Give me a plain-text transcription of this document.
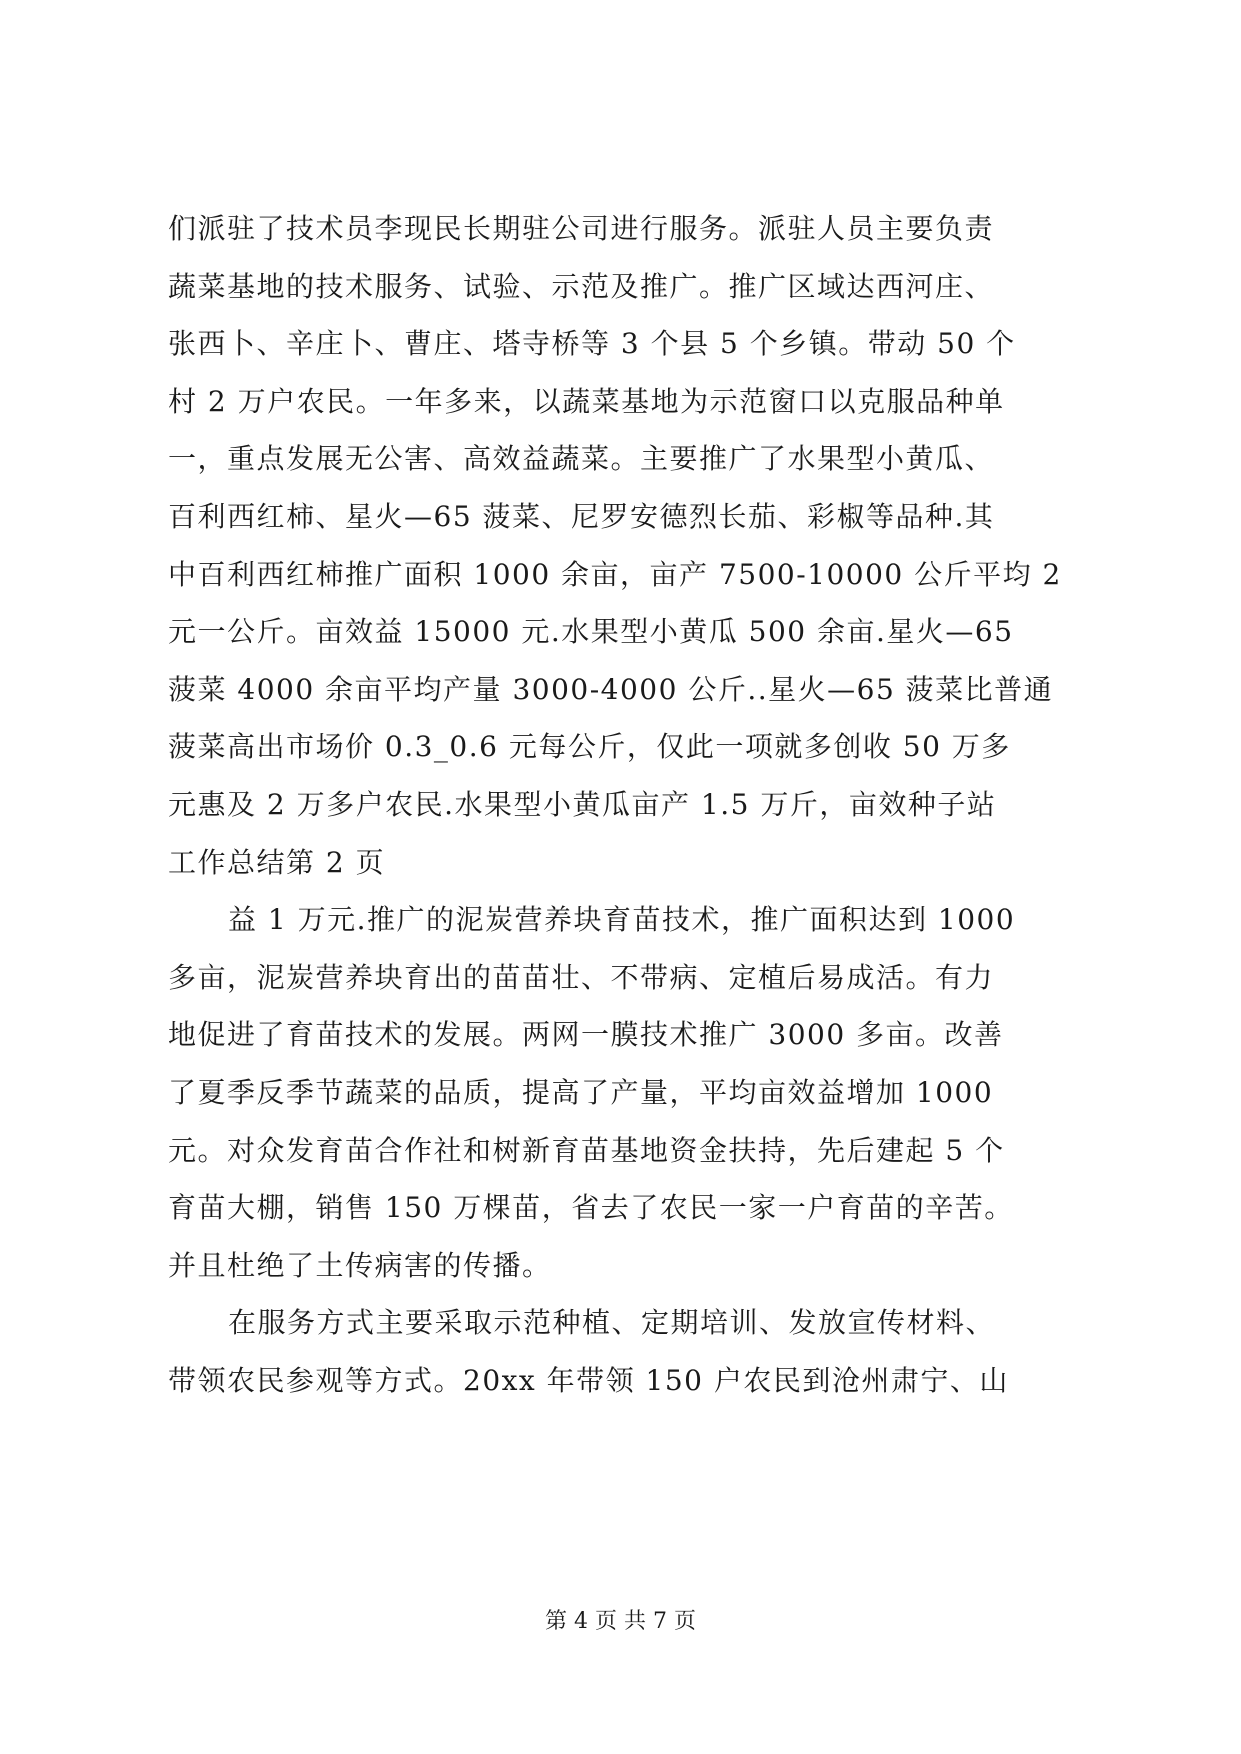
们派驻了技术员李现民长期驻公司进行服务。派驻人员主要负责
蔬菜基地的技术服务、试验、示范及推广。推广区域达西河庄、
张西卜、辛庄卜、曹庄、塔寺桥等 3 个县 5 个乡镇。带动 50 个
村 2 万户农民。一年多来，以蔬菜基地为示范窗口以克服品种单
一，重点发展无公害、高效益蔬菜。主要推广了水果型小黄瓜、
百利西红柿、星火—65 菠菜、尼罗安德烈长茄、彩椒等品种.其
中百利西红柿推广面积 1000 余亩，亩产 7500-10000 公斤平均 2
元一公斤。亩效益 15000 元.水果型小黄瓜 500 余亩.星火—65
菠菜 4000 余亩平均产量 3000-4000 公斤..星火—65 菠菜比普通
菠菜高出市场价 0.3_0.6 元每公斤，仅此一项就多创收 50 万多
元惠及 2 万多户农民.水果型小黄瓜亩产 1.5 万斤，亩效种子站
工作总结第 2 页
益 1 万元.推广的泥炭营养块育苗技术，推广面积达到 1000
多亩，泥炭营养块育出的苗苗壮、不带病、定植后易成活。有力
地促进了育苗技术的发展。两网一膜技术推广 3000 多亩。改善
了夏季反季节蔬菜的品质，提高了产量，平均亩效益增加 1000
元。对众发育苗合作社和树新育苗基地资金扶持，先后建起 5 个
育苗大棚，销售 150 万棵苗，省去了农民一家一户育苗的辛苦。
并且杜绝了土传病害的传播。
在服务方式主要采取示范种植、定期培训、发放宣传材料、
带领农民参观等方式。20xx 年带领 150 户农民到沧州肃宁、山
第 4 页 共 7 页
